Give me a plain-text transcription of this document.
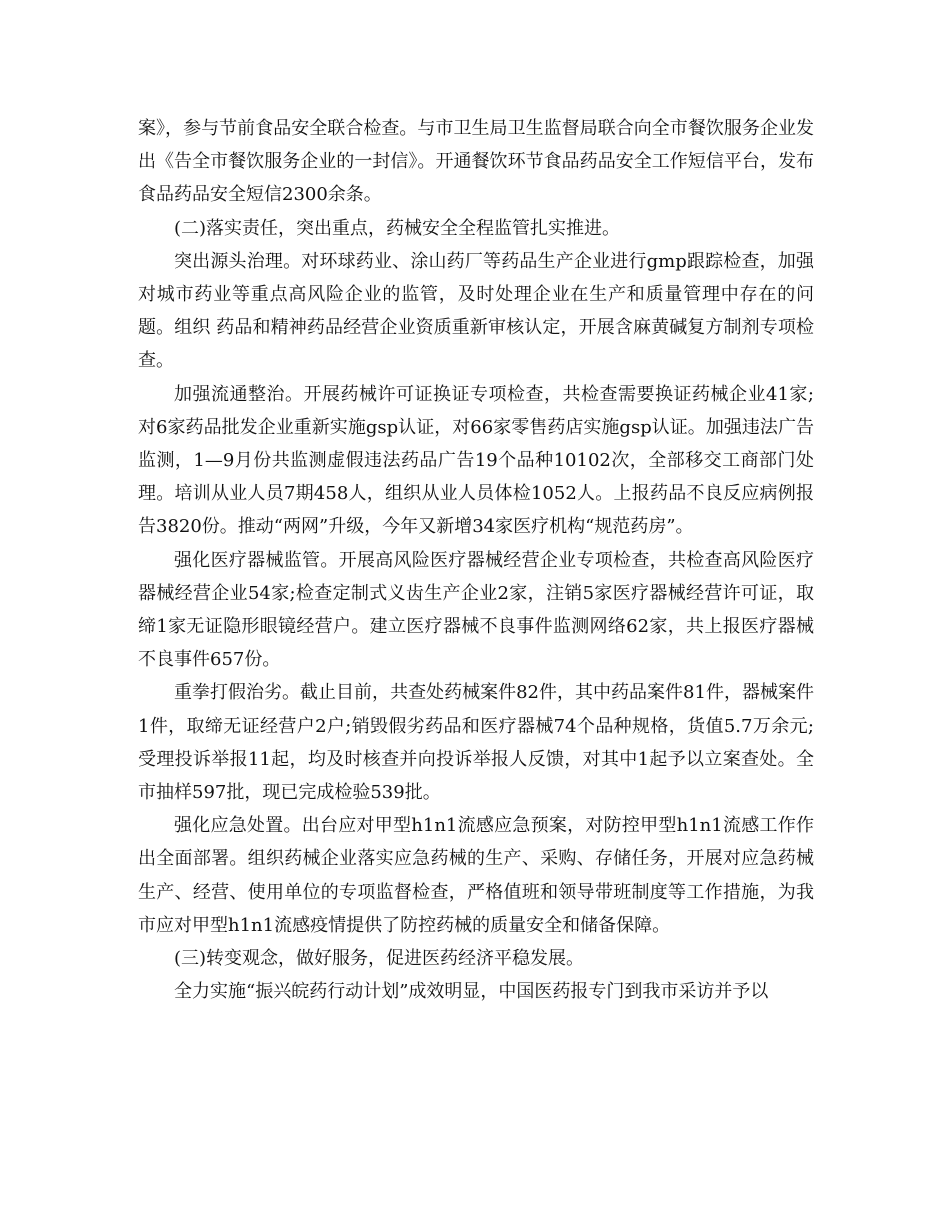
案》，参与节前食品安全联合检查。与市卫生局卫生监督局联合向全市餐饮服务企业发出《告全市餐饮服务企业的一封信》。开通餐饮环节食品药品安全工作短信平台，发布食品药品安全短信2300余条。

(二)落实责任，突出重点，药械安全全程监管扎实推进。

突出源头治理。对环球药业、涂山药厂等药品生产企业进行gmp跟踪检查，加强对城市药业等重点高风险企业的监管，及时处理企业在生产和质量管理中存在的问题。组织 药品和精神药品经营企业资质重新审核认定，开展含麻黄碱复方制剂专项检查。

加强流通整治。开展药械许可证换证专项检查，共检查需要换证药械企业41家;对6家药品批发企业重新实施gsp认证，对66家零售药店实施gsp认证。加强违法广告监测，1—9月份共监测虚假违法药品广告19个品种10102次，全部移交工商部门处理。培训从业人员7期458人，组织从业人员体检1052人。上报药品不良反应病例报告3820份。推动“两网”升级，今年又新增34家医疗机构“规范药房”。

强化医疗器械监管。开展高风险医疗器械经营企业专项检查，共检查高风险医疗器械经营企业54家;检查定制式义齿生产企业2家，注销5家医疗器械经营许可证，取缔1家无证隐形眼镜经营户。建立医疗器械不良事件监测网络62家，共上报医疗器械不良事件657份。

重拳打假治劣。截止目前，共查处药械案件82件，其中药品案件81件，器械案件1件，取缔无证经营户2户;销毁假劣药品和医疗器械74个品种规格，货值5.7万余元;受理投诉举报11起，均及时核查并向投诉举报人反馈，对其中1起予以立案查处。全市抽样597批，现已完成检验539批。

强化应急处置。出台应对甲型h1n1流感应急预案，对防控甲型h1n1流感工作作出全面部署。组织药械企业落实应急药械的生产、采购、存储任务，开展对应急药械生产、经营、使用单位的专项监督检查，严格值班和领导带班制度等工作措施，为我市应对甲型h1n1流感疫情提供了防控药械的质量安全和储备保障。

(三)转变观念，做好服务，促进医药经济平稳发展。

全力实施“振兴皖药行动计划”成效明显，中国医药报专门到我市采访并予以
